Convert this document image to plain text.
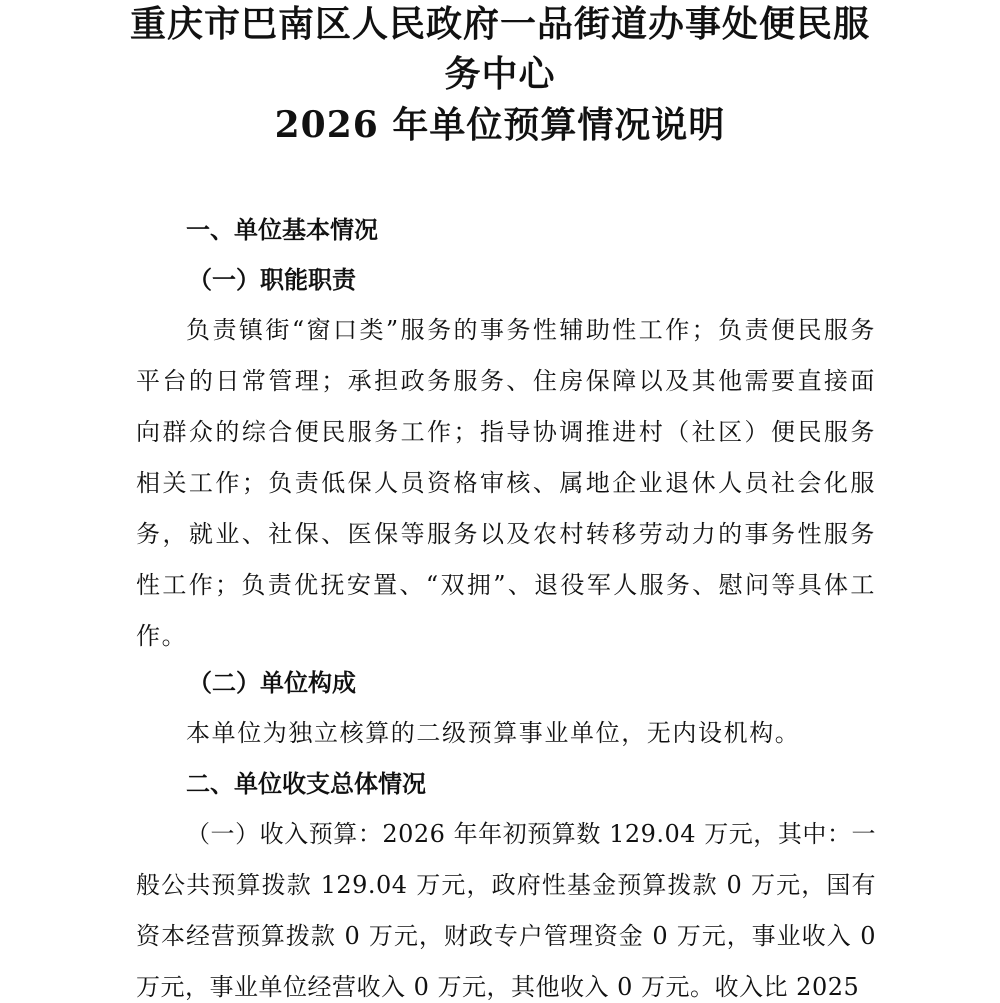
重庆市巴南区人民政府一品街道办事处便民服
务中心
2026 年单位预算情况说明
一、单位基本情况
（一）职能职责

负责镇街“窗口类”服务的事务性辅助性工作；负责便民服务平台的日常管理；承担政务服务、住房保障以及其他需要直接面向群众的综合便民服务工作；指导协调推进村（社区）便民服务相关工作；负责低保人员资格审核、属地企业退休人员社会化服务，就业、社保、医保等服务以及农村转移劳动力的事务性服务性工作；负责优抚安置、“双拥”、退役军人服务、慰问等具体工作。

（二）单位构成

本单位为独立核算的二级预算事业单位，无内设机构。

二、单位收支总体情况

（一）收入预算：2026 年年初预算数 129.04 万元，其中：一般公共预算拨款 129.04 万元，政府性基金预算拨款 0 万元，国有资本经营预算拨款 0 万元，财政专户管理资金 0 万元，事业收入 0 万元，事业单位经营收入 0 万元，其他收入 0 万元。收入比 2025
